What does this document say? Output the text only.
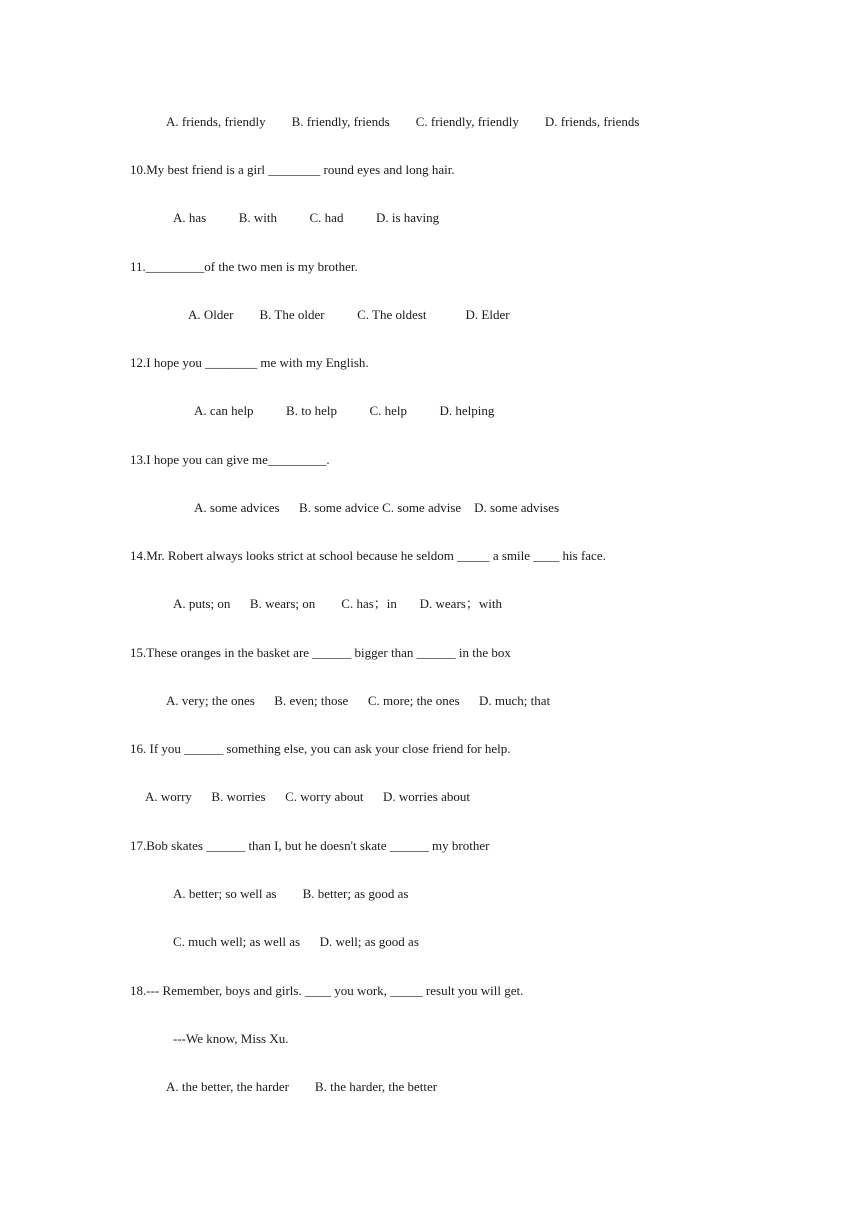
A. friends, friendly        B. friendly, friends        C. friendly, friendly        D. friends, friends
10.My best friend is a girl ________ round eyes and long hair.
A. has          B. with          C. had          D. is having
11._________of the two men is my brother.
A. Older        B. The older          C. The oldest            D. Elder
12.I hope you ________ me with my English.
A. can help          B. to help          C. help          D. helping
13.I hope you can give me_________.
A. some advices      B. some advice C. some advise    D. some advises
14.Mr. Robert always looks strict at school because he seldom _____ a smile ____ his face.
A. puts; on      B. wears; on        C. has；in       D. wears；with
15.These oranges in the basket are ______ bigger than ______ in the box
A. very; the ones      B. even; those      C. more; the ones      D. much; that
16. If you ______ something else, you can ask your close friend for help.
A. worry      B. worries      C. worry about      D. worries about
17.Bob skates ______ than I, but he doesn't skate ______ my brother
A. better; so well as        B. better; as good as
C. much well; as well as      D. well; as good as
18.--- Remember, boys and girls. ____ you work, _____ result you will get.
---We know, Miss Xu.
A. the better, the harder        B. the harder, the better
